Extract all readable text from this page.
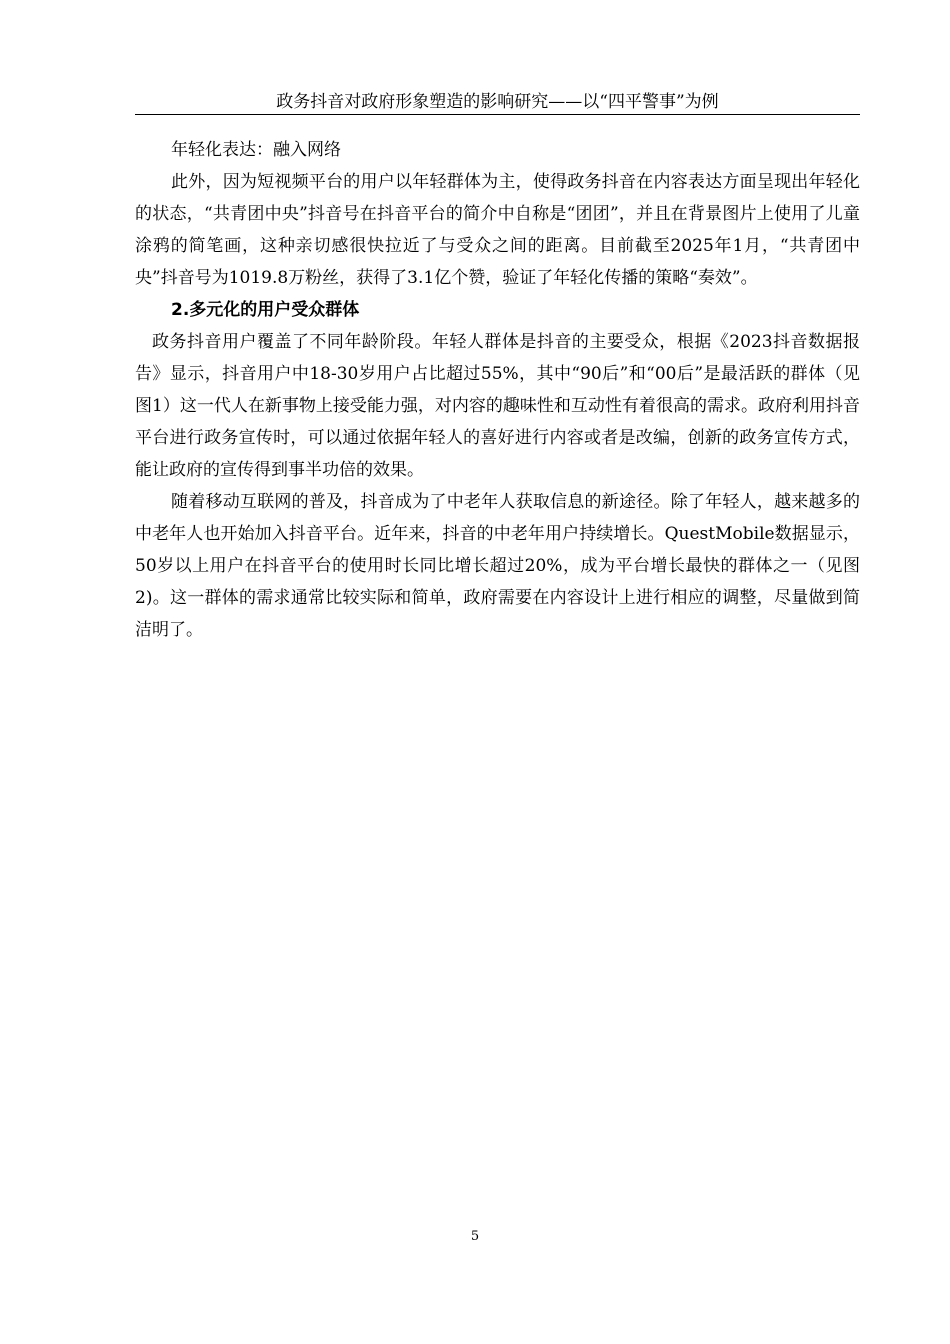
政务抖音对政府形象塑造的影响研究——以“四平警事”为例
年轻化表达：融入网络

此外，因为短视频平台的用户以年轻群体为主，使得政务抖音在内容表达方面呈现出年轻化的状态，“共青团中央”抖音号在抖音平台的简介中自称是“团团”，并且在背景图片上使用了儿童涂鸦的简笔画，这种亲切感很快拉近了与受众之间的距离。目前截至2025年1月，“共青团中央”抖音号为1019.8万粉丝，获得了3.1亿个赞，验证了年轻化传播的策略“奏效”。

2.多元化的用户受众群体

政务抖音用户覆盖了不同年龄阶段。年轻人群体是抖音的主要受众，根据《2023抖音数据报告》显示，抖音用户中18-30岁用户占比超过55%，其中“90后”和“00后”是最活跃的群体（见图1）这一代人在新事物上接受能力强，对内容的趣味性和互动性有着很高的需求。政府利用抖音平台进行政务宣传时，可以通过依据年轻人的喜好进行内容或者是改编，创新的政务宣传方式，能让政府的宣传得到事半功倍的效果。

随着移动互联网的普及，抖音成为了中老年人获取信息的新途径。除了年轻人，越来越多的中老年人也开始加入抖音平台。近年来，抖音的中老年用户持续增长。QuestMobile数据显示，50岁以上用户在抖音平台的使用时长同比增长超过20%，成为平台增长最快的群体之一（见图2)。这一群体的需求通常比较实际和简单，政府需要在内容设计上进行相应的调整，尽量做到简洁明了。

5
